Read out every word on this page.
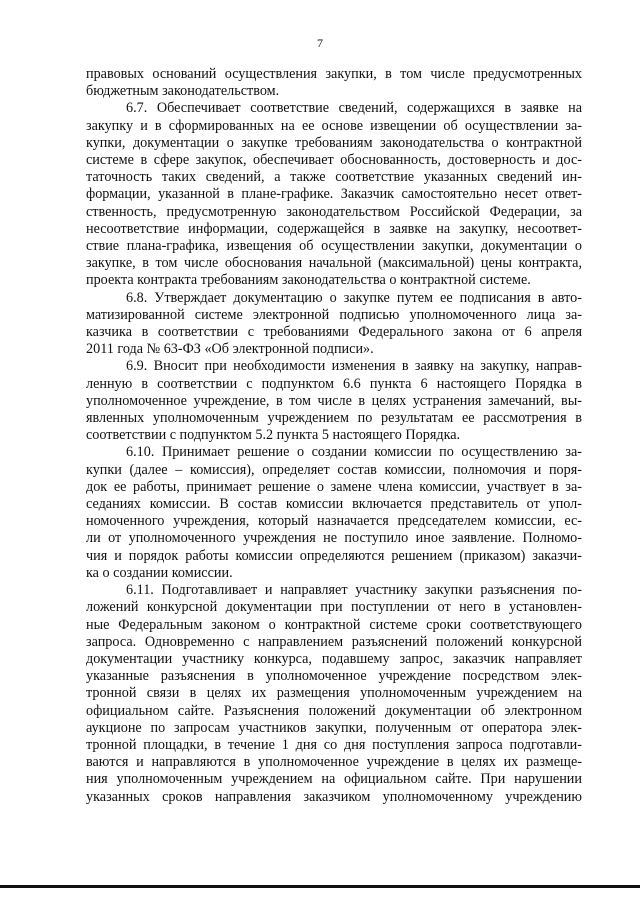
7

правовых оснований осуществления закупки, в том числе предусмотренных
бюджетным законодательством.

6.7. Обеспечивает соответствие сведений, содержащихся в заявке на
закупку и в сформированных на ее основе извещении об осуществлении за-
купки, документации о закупке требованиям законодательства о контрактной
системе в сфере закупок, обеспечивает обоснованность, достоверность и дос-
таточность таких сведений, а также соответствие указанных сведений ин-
формации, указанной в плане-графике. Заказчик самостоятельно несет ответ-
ственность, предусмотренную законодательством Российской Федерации, за
несоответствие информации, содержащейся в заявке на закупку, несоответ-
ствие плана-графика, извещения об осуществлении закупки, документации о
закупке, в том числе обоснования начальной (максимальной) цены контракта,
проекта контракта требованиям законодательства о контрактной системе.

6.8. Утверждает документацию о закупке путем ее подписания в авто-
матизированной системе электронной подписью уполномоченного лица за-
казчика в соответствии с требованиями Федерального закона от 6 апреля
2011 года № 63-ФЗ «Об электронной подписи».

6.9. Вносит при необходимости изменения в заявку на закупку, направ-
ленную в соответствии с подпунктом 6.6 пункта 6 настоящего Порядка в
уполномоченное учреждение, в том числе в целях устранения замечаний, вы-
явленных уполномоченным учреждением по результатам ее рассмотрения в
соответствии с подпунктом 5.2 пункта 5 настоящего Порядка.

6.10. Принимает решение о создании комиссии по осуществлению за-
купки (далее – комиссия), определяет состав комиссии, полномочия и поря-
док ее работы, принимает решение о замене члена комиссии, участвует в за-
седаниях комиссии. В состав комиссии включается представитель от упол-
номоченного учреждения, который назначается председателем комиссии, ес-
ли от уполномоченного учреждения не поступило иное заявление. Полномо-
чия и порядок работы комиссии определяются решением (приказом) заказчи-
ка о создании комиссии.

6.11. Подготавливает и направляет участнику закупки разъяснения по-
ложений конкурсной документации при поступлении от него в установлен-
ные Федеральным законом о контрактной системе сроки соответствующего
запроса. Одновременно с направлением разъяснений положений конкурсной
документации участнику конкурса, подавшему запрос, заказчик направляет
указанные разъяснения в уполномоченное учреждение посредством элек-
тронной связи в целях их размещения уполномоченным учреждением на
официальном сайте. Разъяснения положений документации об электронном
аукционе по запросам участников закупки, полученным от оператора элек-
тронной площадки, в течение 1 дня со дня поступления запроса подготавли-
ваются и направляются в уполномоченное учреждение в целях их размеще-
ния уполномоченным учреждением на официальном сайте. При нарушении
указанных сроков направления заказчиком уполномоченному учреждению
